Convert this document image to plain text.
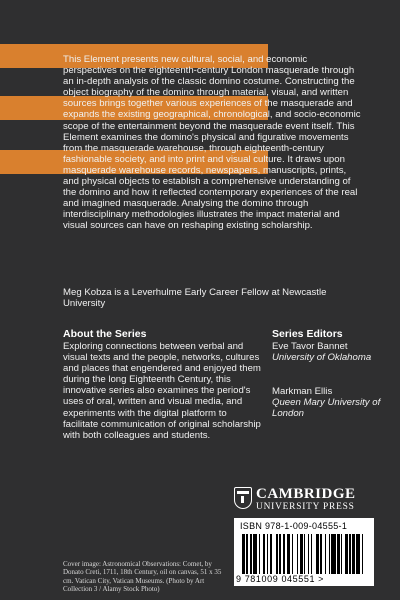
This Element presents new cultural, social, and economic perspectives on the eighteenth-century London masquerade through an in-depth analysis of the classic domino costume. Constructing the object biography of the domino through material, visual, and written sources brings together various experiences of the masquerade and expands the existing geographical, chronological, and socio-economic scope of the entertainment beyond the masquerade event itself. This Element examines the domino's physical and figurative movements from the masquerade warehouse, through eighteenth-century fashionable society, and into print and visual culture. It draws upon masquerade warehouse records, newspapers, manuscripts, prints, and physical objects to establish a comprehensive understanding of the domino and how it reflected contemporary experiences of the real and imagined masquerade. Analysing the domino through interdisciplinary methodologies illustrates the impact material and visual sources can have on reshaping existing scholarship.

Meg Kobza is a Leverhulme Early Career Fellow at Newcastle University

About the Series

Exploring connections between verbal and visual texts and the people, networks, cultures and places that engendered and enjoyed them during the long Eighteenth Century, this innovative series also examines the period's uses of oral, written and visual media, and experiments with the digital platform to facilitate communication of original scholarship with both colleagues and students.

Series Editors

Eve Tavor Bannet
University of Oklahoma

Markman Ellis
Queen Mary University of London

CAMBRIDGE
UNIVERSITY PRESS
ISBN 978-1-009-04555-1
9 781009 045551 >

Cover image: Astronomical Observations: Comet, by Donato Creti, 1711, 18th Century, oil on canvas, 51 x 35 cm. Vatican City, Vatican Museums. (Photo by Art Collection 3 / Alamy Stock Photo)
